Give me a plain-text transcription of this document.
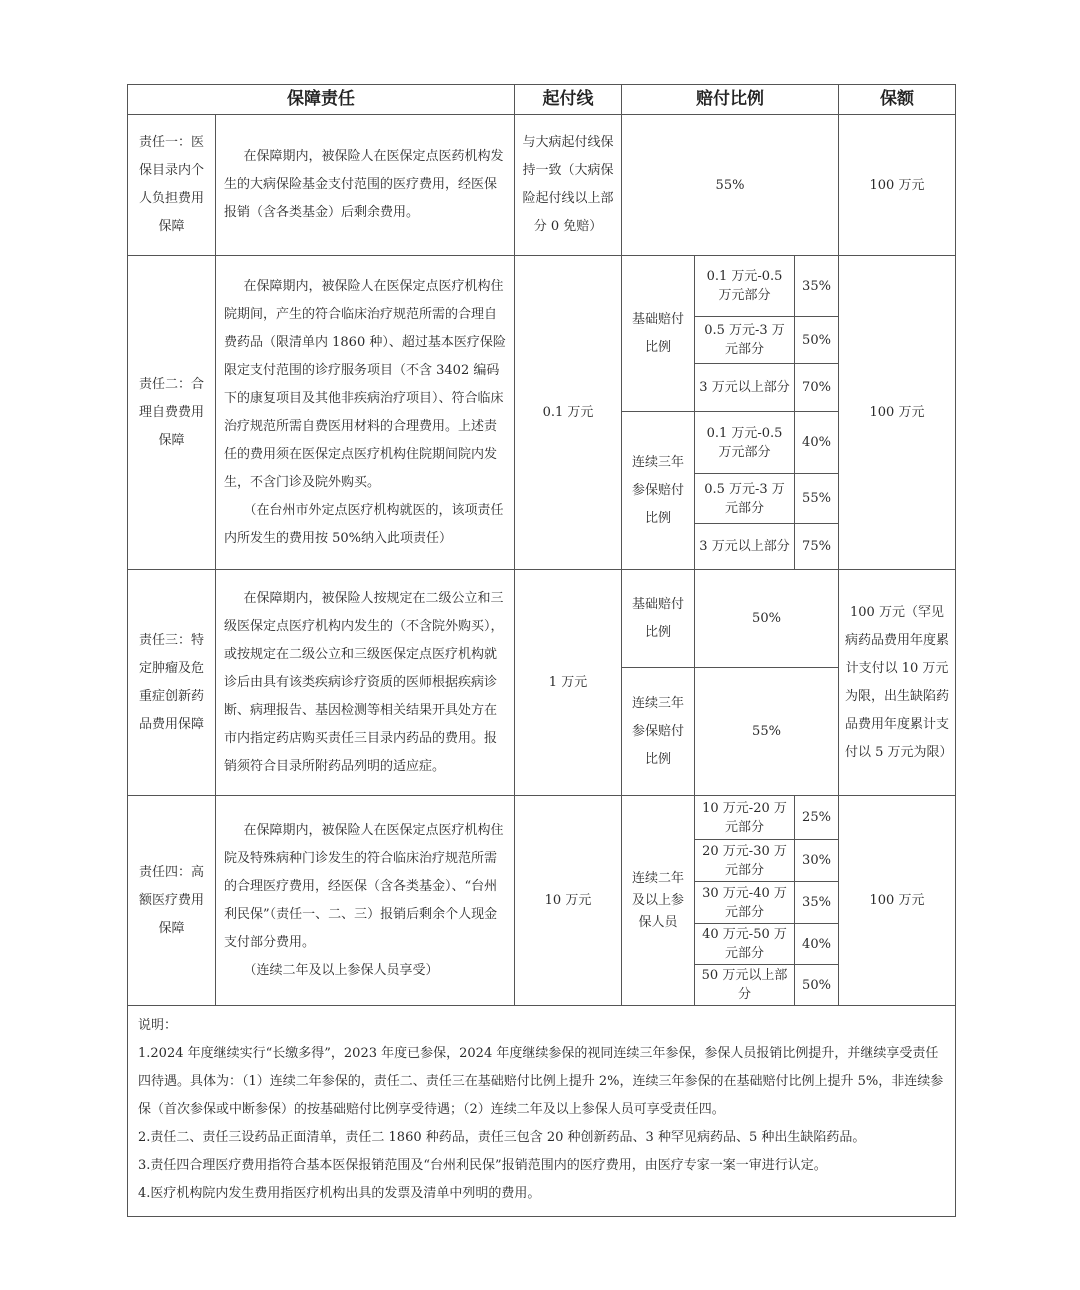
保障责任		起付线	赔付比例			保额
责任一：医保目录内个人负担费用保障	在保障期内，被保险人在医保定点医药机构发生的大病保险基金支付范围的医疗费用，经医保报销（含各类基金）后剩余费用。	与大病起付线保持一致（大病保险起付线以上部分 0 免赔）	55%			100 万元
责任二：合理自费费用保障	在保障期内，被保险人在医保定点医疗机构住院期间，产生的符合临床治疗规范所需的合理自费药品（限清单内 1860 种）、超过基本医疗保险限定支付范围的诊疗服务项目（不含 3402 编码下的康复项目及其他非疾病治疗项目）、符合临床治疗规范所需自费医用材料的合理费用。上述责任的费用须在医保定点医疗机构住院期间院内发生，不含门诊及院外购买。
（在台州市外定点医疗机构就医的，该项责任内所发生的费用按 50%纳入此项责任）	0.1 万元	基础赔付比例	0.1 万元-0.5 万元部分	35%	100 万元
				0.5 万元-3 万元部分	50%	
				3 万元以上部分	70%	
			连续三年参保赔付比例	0.1 万元-0.5 万元部分	40%	
				0.5 万元-3 万元部分	55%	
				3 万元以上部分	75%	
责任三：特定肿瘤及危重症创新药品费用保障	在保障期内，被保险人按规定在二级公立和三级医保定点医疗机构内发生的（不含院外购买），或按规定在二级公立和三级医保定点医疗机构就诊后由具有该类疾病诊疗资质的医师根据疾病诊断、病理报告、基因检测等相关结果开具处方在市内指定药店购买责任三目录内药品的费用。报销须符合目录所附药品列明的适应症。	1 万元	基础赔付比例	50%		100 万元（罕见病药品费用年度累计支付以 10 万元为限，出生缺陷药品费用年度累计支付以 5 万元为限）
			连续三年参保赔付比例	55%		
责任四：高额医疗费用保障	在保障期内，被保险人在医保定点医疗机构住院及特殊病种门诊发生的符合临床治疗规范所需的合理医疗费用，经医保（含各类基金）、“台州利民保”（责任一、二、三）报销后剩余个人现金支付部分费用。
（连续二年及以上参保人员享受）	10 万元	连续二年及以上参保人员	10 万元-20 万元部分	25%	100 万元
				20 万元-30 万元部分	30%	
				30 万元-40 万元部分	35%	
				40 万元-50 万元部分	40%	
				50 万元以上部分	50%	

说明：
1.2024 年度继续实行“长缴多得”，2023 年度已参保，2024 年度继续参保的视同连续三年参保，参保人员报销比例提升，并继续享受责任四待遇。具体为：（1）连续二年参保的，责任二、责任三在基础赔付比例上提升 2%，连续三年参保的在基础赔付比例上提升 5%，非连续参保（首次参保或中断参保）的按基础赔付比例享受待遇；（2）连续二年及以上参保人员可享受责任四。
2.责任二、责任三设药品正面清单，责任二 1860 种药品，责任三包含 20 种创新药品、3 种罕见病药品、5 种出生缺陷药品。
3.责任四合理医疗费用指符合基本医保报销范围及“台州利民保”报销范围内的医疗费用，由医疗专家一案一审进行认定。
4.医疗机构院内发生费用指医疗机构出具的发票及清单中列明的费用。						
